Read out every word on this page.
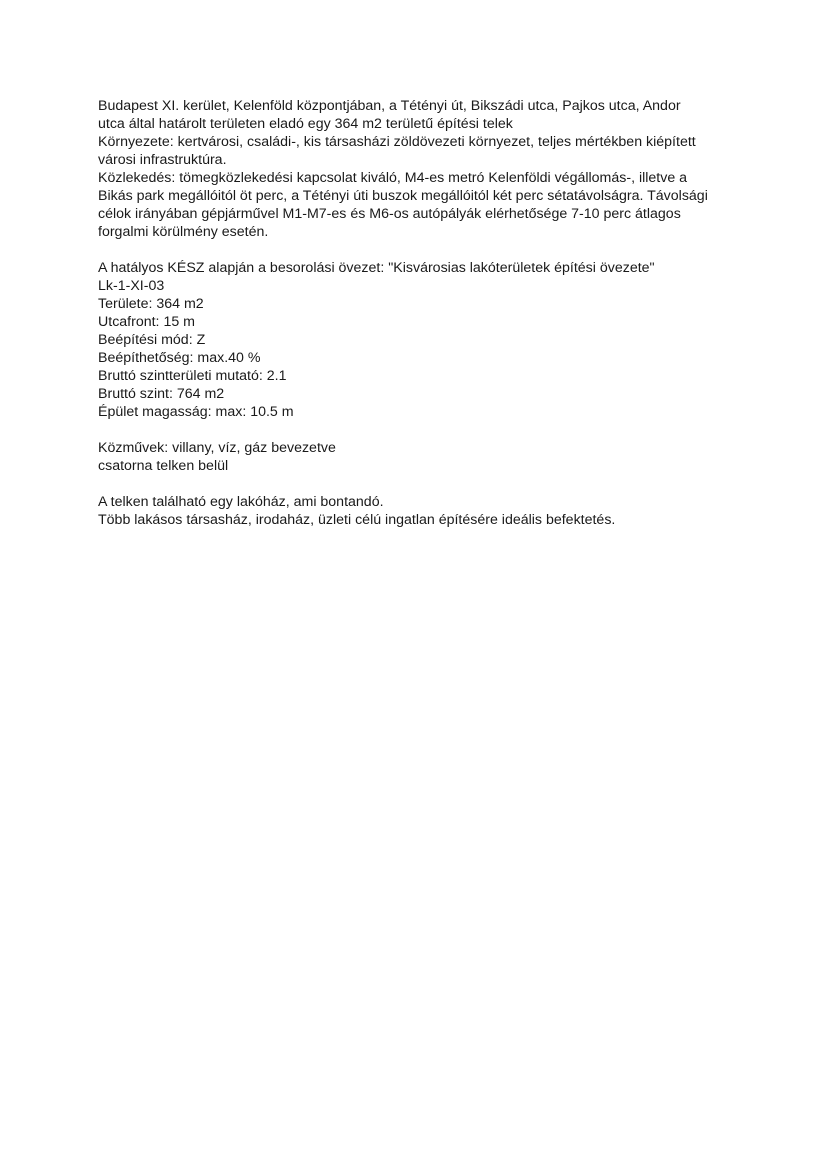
Budapest XI. kerület, Kelenföld központjában, a Tétényi út, Bikszádi utca, Pajkos utca, Andor
utca által határolt területen eladó egy 364 m2 területű építési telek
Környezete: kertvárosi, családi-, kis társasházi zöldövezeti környezet, teljes mértékben kiépített
városi infrastruktúra.
Közlekedés: tömegközlekedési kapcsolat kiváló, M4-es metró Kelenföldi végállomás-, illetve a
Bikás park megállóitól öt perc, a Tétényi úti buszok megállóitól két perc sétatávolságra. Távolsági
célok irányában gépjárművel M1-M7-es és M6-os autópályák elérhetősége 7-10 perc átlagos
forgalmi körülmény esetén.
A hatályos KÉSZ alapján a besorolási övezet: "Kisvárosias lakóterületek építési övezete"
Lk-1-XI-03
Területe: 364 m2
Utcafront: 15 m
Beépítési mód: Z
Beépíthetőség: max.40 %
Bruttó szintterületi mutató: 2.1
Bruttó szint: 764 m2
Épület magasság: max: 10.5 m
Közművek: villany, víz, gáz bevezetve
csatorna telken belül
A telken található egy lakóház, ami bontandó.
Több lakásos társasház, irodaház, üzleti célú ingatlan építésére ideális befektetés.
